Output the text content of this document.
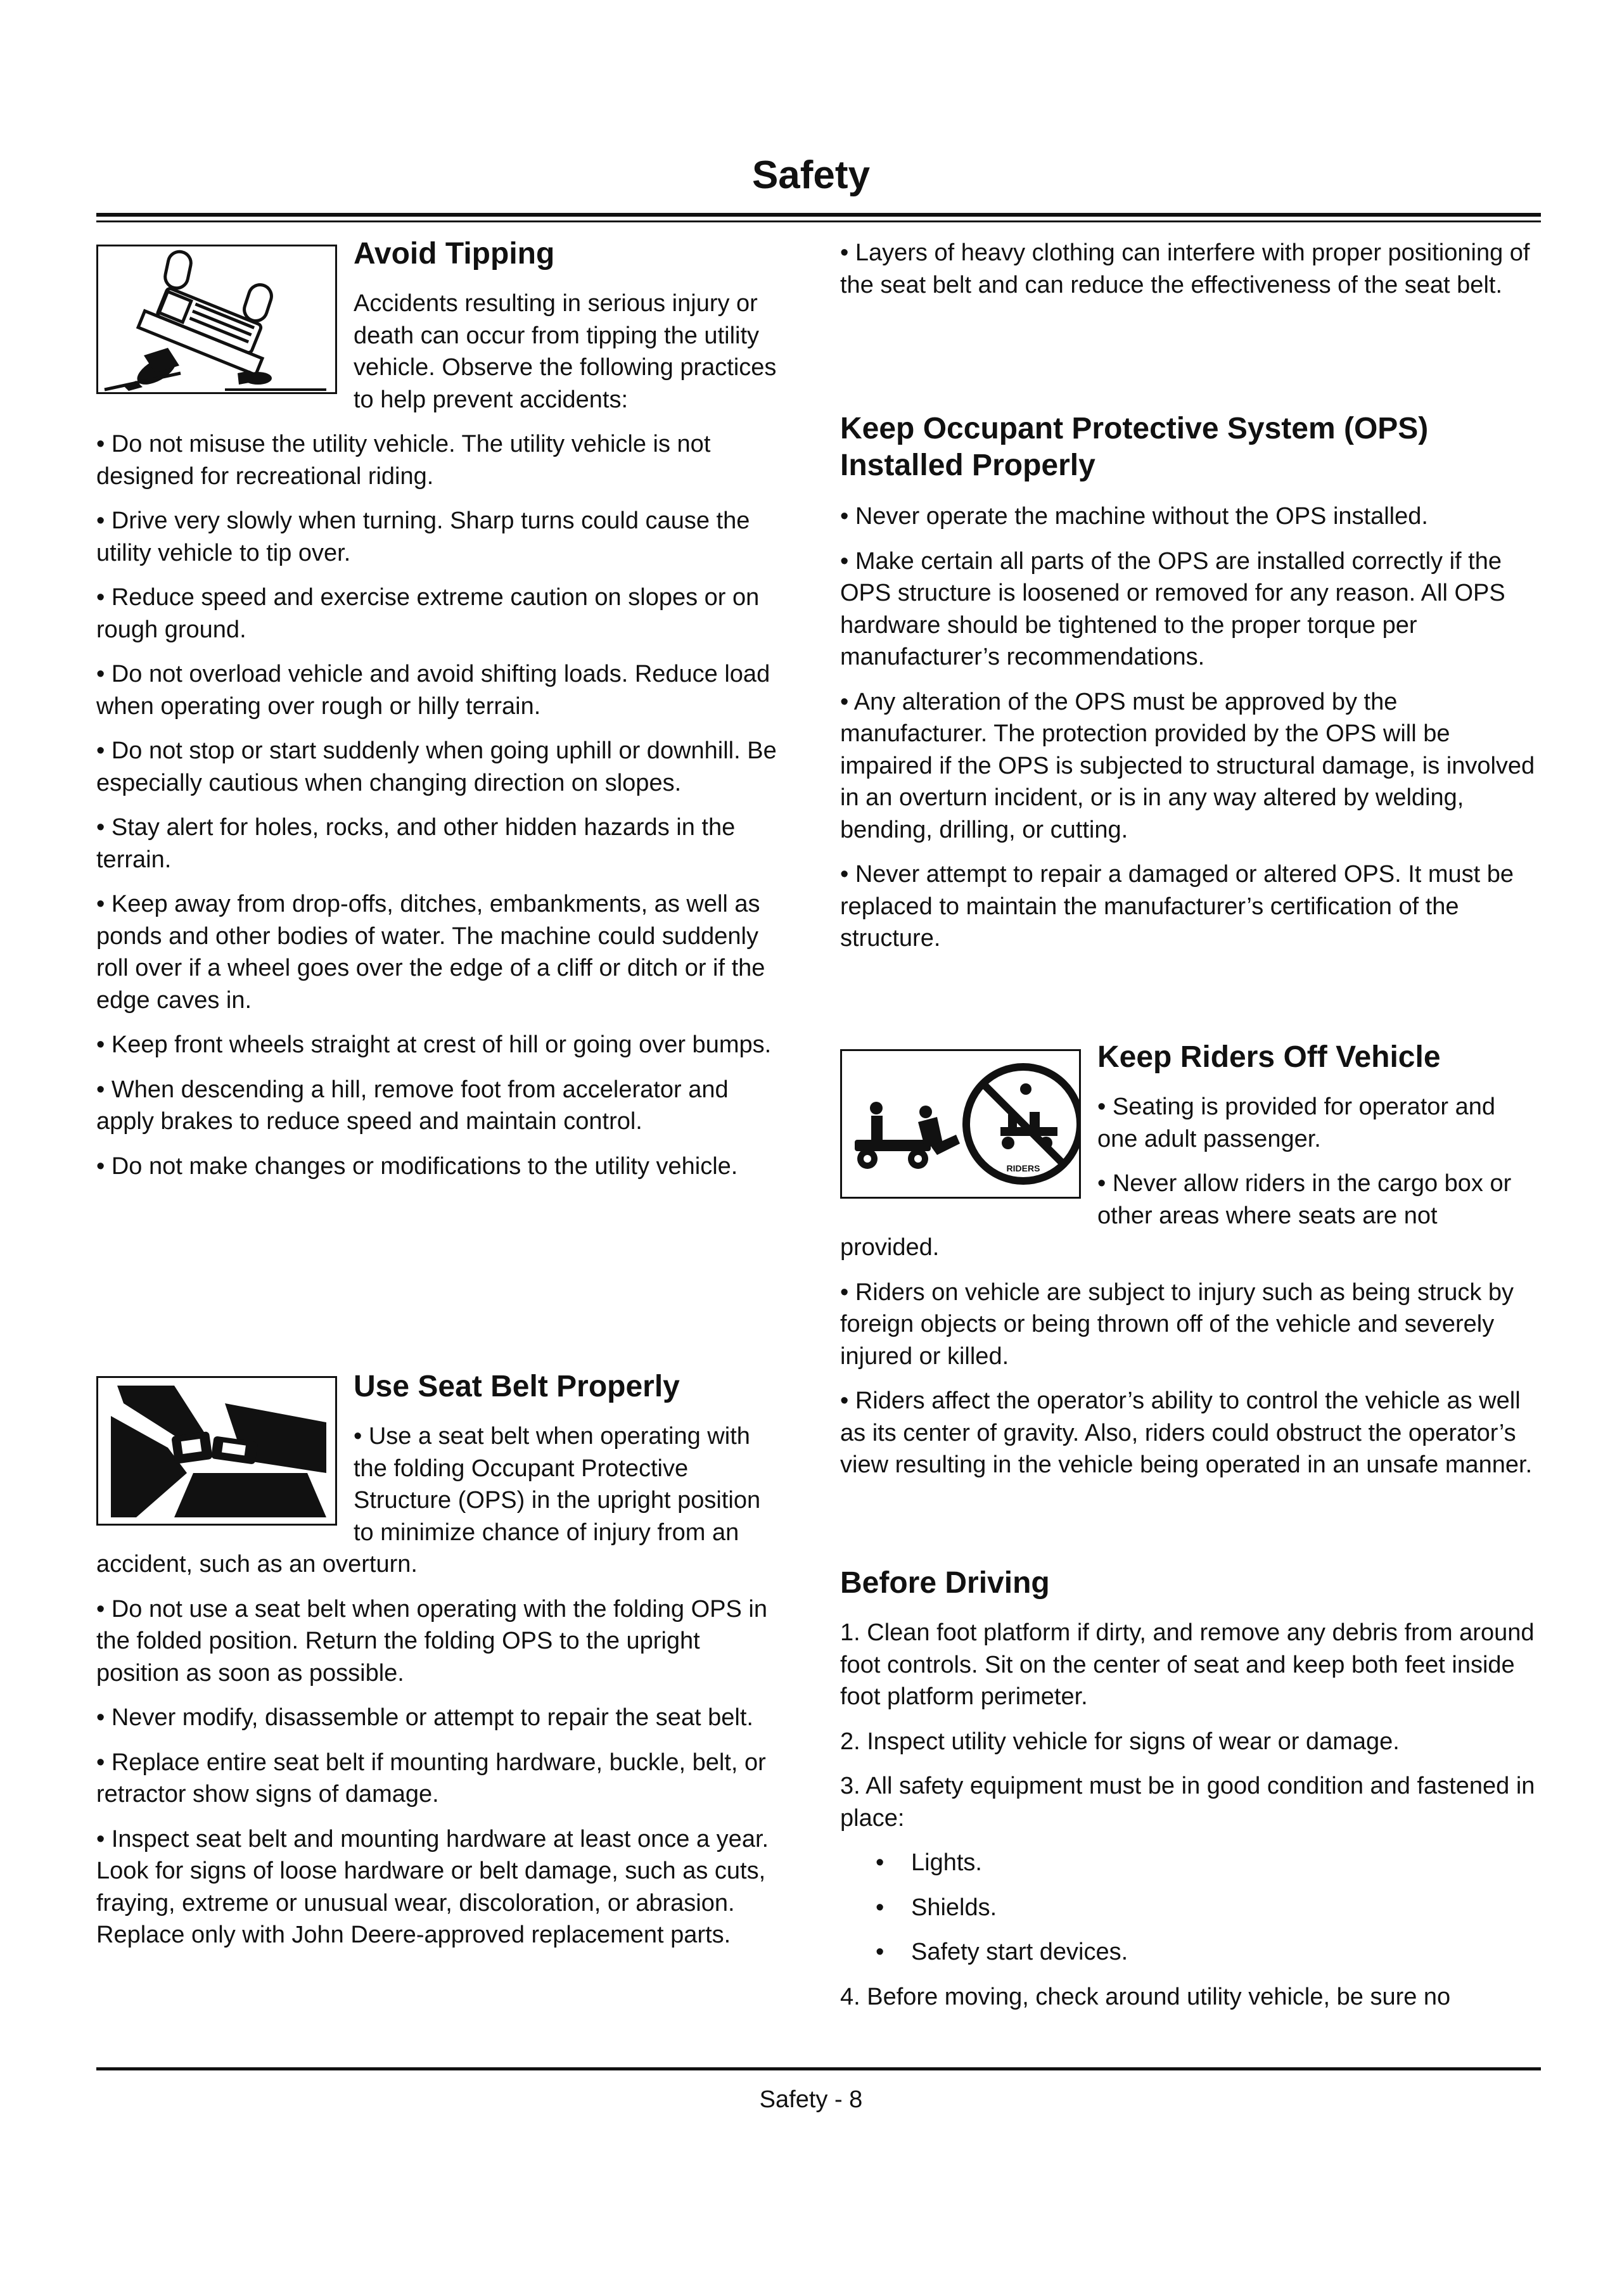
Safety

Avoid Tipping

Accidents resulting in serious injury or death can occur from tipping the utility vehicle. Observe the following practices to help prevent accidents:

• Do not misuse the utility vehicle. The utility vehicle is not designed for recreational riding.

• Drive very slowly when turning. Sharp turns could cause the utility vehicle to tip over.

• Reduce speed and exercise extreme caution on slopes or on rough ground.

• Do not overload vehicle and avoid shifting loads. Reduce load when operating over rough or hilly terrain.

• Do not stop or start suddenly when going uphill or downhill. Be especially cautious when changing direction on slopes.

• Stay alert for holes, rocks, and other hidden hazards in the terrain.

• Keep away from drop-offs, ditches, embankments, as well as ponds and other bodies of water. The machine could suddenly roll over if a wheel goes over the edge of a cliff or ditch or if the edge caves in.

• Keep front wheels straight at crest of hill or going over bumps.

• When descending a hill, remove foot from accelerator and apply brakes to reduce speed and maintain control.

• Do not make changes or modifications to the utility vehicle.

Use Seat Belt Properly

• Use a seat belt when operating with the folding Occupant Protective Structure (OPS) in the upright position to minimize chance of injury from an accident, such as an overturn.

• Do not use a seat belt when operating with the folding OPS in the folded position. Return the folding OPS to the upright position as soon as possible.

• Never modify, disassemble or attempt to repair the seat belt.

• Replace entire seat belt if mounting hardware, buckle, belt, or retractor show signs of damage.

• Inspect seat belt and mounting hardware at least once a year. Look for signs of loose hardware or belt damage, such as cuts, fraying, extreme or unusual wear, discoloration, or abrasion. Replace only with John Deere-approved replacement parts.

• Layers of heavy clothing can interfere with proper positioning of the seat belt and can reduce the effectiveness of the seat belt.

Keep Occupant Protective System (OPS) Installed Properly

• Never operate the machine without the OPS installed.

• Make certain all parts of the OPS are installed correctly if the OPS structure is loosened or removed for any reason. All OPS hardware should be tightened to the proper torque per manufacturer’s recommendations.

• Any alteration of the OPS must be approved by the manufacturer. The protection provided by the OPS will be impaired if the OPS is subjected to structural damage, is involved in an overturn incident, or is in any way altered by welding, bending, drilling, or cutting.

• Never attempt to repair a damaged or altered OPS. It must be replaced to maintain the manufacturer’s certification of the structure.

RIDERS

Keep Riders Off Vehicle

• Seating is provided for operator and one adult passenger.

• Never allow riders in the cargo box or other areas where seats are not provided.

• Riders on vehicle are subject to injury such as being struck by foreign objects or being thrown off of the vehicle and severely injured or killed.

• Riders affect the operator’s ability to control the vehicle as well as its center of gravity. Also, riders could obstruct the operator’s view resulting in the vehicle being operated in an unsafe manner.

Before Driving

1. Clean foot platform if dirty, and remove any debris from around foot controls. Sit on the center of seat and keep both feet inside foot platform perimeter.

2. Inspect utility vehicle for signs of wear or damage.

3. All safety equipment must be in good condition and fastened in place:

• Lights.
• Shields.
• Safety start devices.

4. Before moving, check around utility vehicle, be sure no

Safety - 8
